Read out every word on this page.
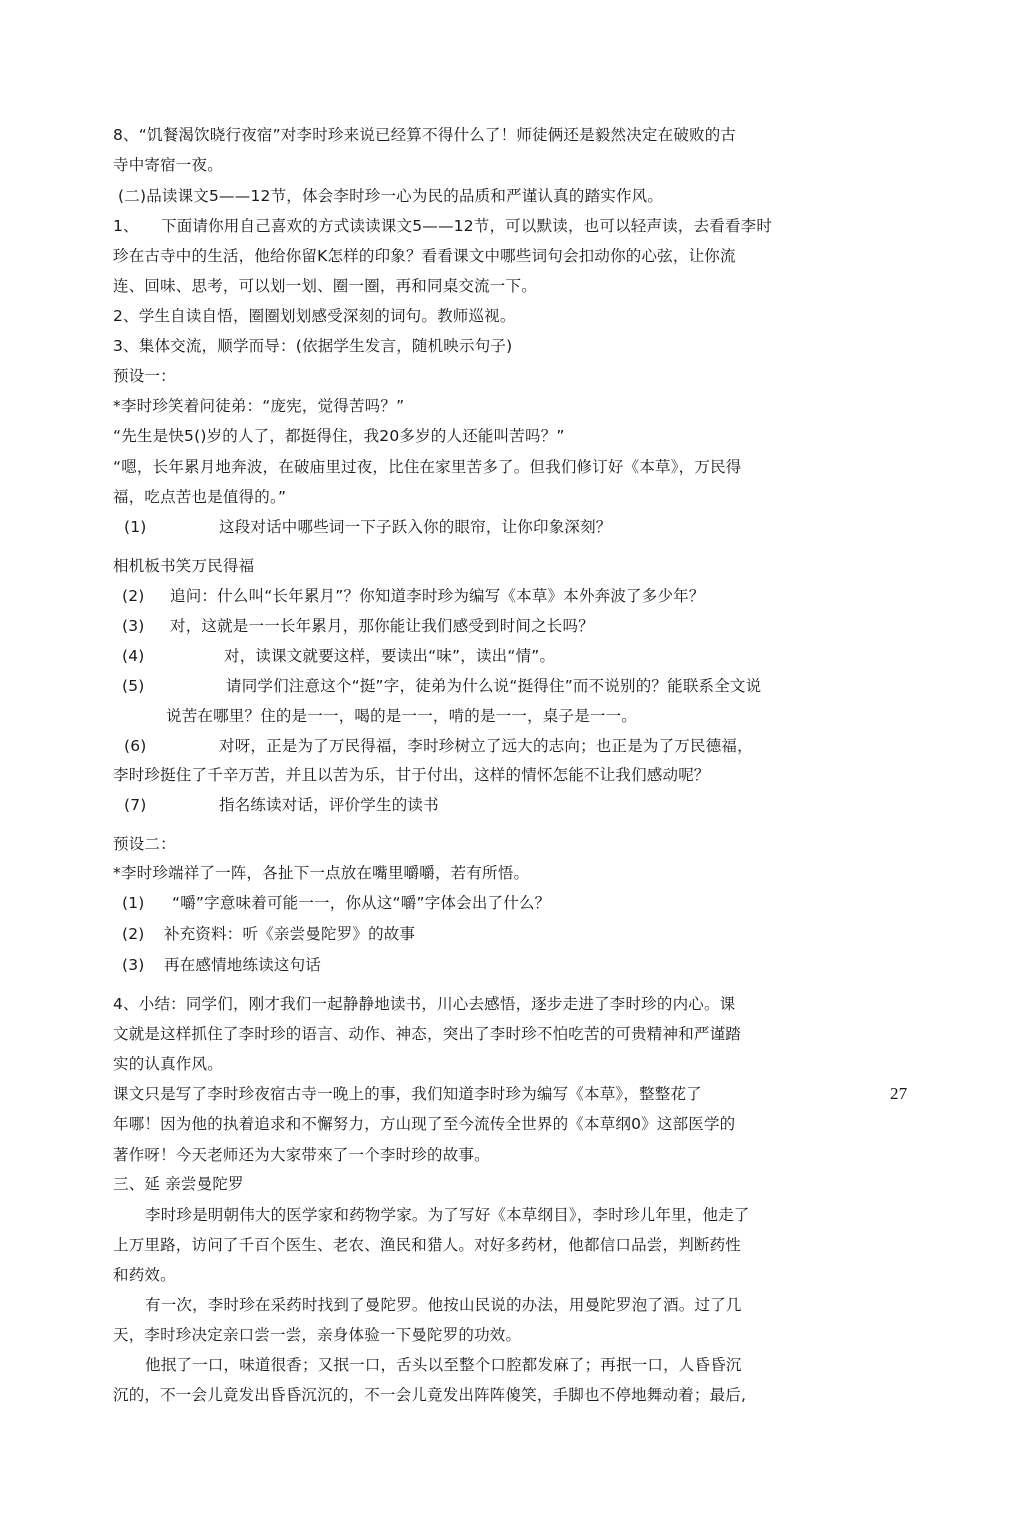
8、“饥餐渴饮晓行夜宿”对李时珍来说已经算不得什么了！师徒俩还是毅然决定在破败的古
寺中寄宿一夜。
(二)品读课文5——12节，体会李时珍一心为民的品质和严谨认真的踏实作风。
1、 下面请你用自己喜欢的方式读读课文5——12节，可以默读，也可以轻声读，去看看李时
珍在古寺中的生活，他给你留K怎样的印象？看看课文中哪些词句会扣动你的心弦，让你流
连、回味、思考，可以划一划、圈一圈，再和同桌交流一下。
2、学生自读自悟，圈圈划划感受深刻的词句。教师巡视。
3、集体交流，顺学而导：(依据学生发言，随机映示句子)
预设一：
*李时珍笑着问徒弟：“庞宪，觉得苦吗？”
“先生是快5()岁的人了，都挺得住，我20多岁的人还能叫苦吗？”
“嗯，长年累月地奔波，在破庙里过夜，比住在家里苦多了。但我们修订好《本草》，万民得
福，吃点苦也是值得的。”
(1)	这段对话中哪些词一下子跃入你的眼帘，让你印象深刻？
相机板书笑万民得福
(2) 追问：什么叫“长年累月”？你知道李时珍为编写《本草》本外奔波了多少年？
(3) 对，这就是一一长年累月，那你能让我们感受到时间之长吗？
(4)	对，读课文就要这样，要读出“味”，读出“情”。
(5)	请同学们注意这个“挺”字，徒弟为什么说“挺得住”而不说别的？能联系全文说
说苦在哪里？住的是一一，喝的是一一，啃的是一一，桌子是一一。
(6)	对呀，正是为了万民得福，李时珍树立了远大的志向；也正是为了万民德福，
李时珍挺住了千辛万苦，并且以苦为乐，甘于付出，这样的情怀怎能不让我们感动呢？
(7)	指名练读对话，评价学生的读书
预设二：
*李时珍端祥了一阵，各扯下一点放在嘴里嚼嚼，若有所悟。
(1) “嚼”字意味着可能一一，你从这“嚼”字体会出了什么？
(2) 补充资料：听《亲尝曼陀罗》的故事
(3) 再在感情地练读这句话
4、小结：同学们，刚才我们一起静静地读书，川心去感悟，逐步走进了李时珍的内心。课
文就是这样抓住了李时珍的语言、动作、神态，突出了李时珍不怕吃苦的可贵精神和严谨踏
实的认真作风。
课文只是写了李时珍夜宿古寺一晚上的事，我们知道李时珍为编写《本草》，整整花了	27
年哪！因为他的执着追求和不懈努力，方山现了至今流传全世界的《本草纲0》这部医学的
著作呀！今天老师还为大家带來了一个李时珍的故事。
三、延 亲尝曼陀罗
李时珍是明朝伟大的医学家和药物学家。为了写好《本草纲目》，李时珍儿年里，他走了
上万里路，访问了千百个医生、老农、渔民和猎人。对好多药材，他都信口品尝，判断药性
和药效。
有一次，李时珍在采药时找到了曼陀罗。他按山民说的办法，用曼陀罗泡了酒。过了几
天，李时珍决定亲口尝一尝，亲身体验一下曼陀罗的功效。
他抿了一口，味道很香；又抿一口，舌头以至整个口腔都发麻了；再抿一口，人昏昏沉
沉的，不一会儿竟发出昏昏沉沉的，不一会儿竟发出阵阵傻笑，手脚也不停地舞动着；最后,
